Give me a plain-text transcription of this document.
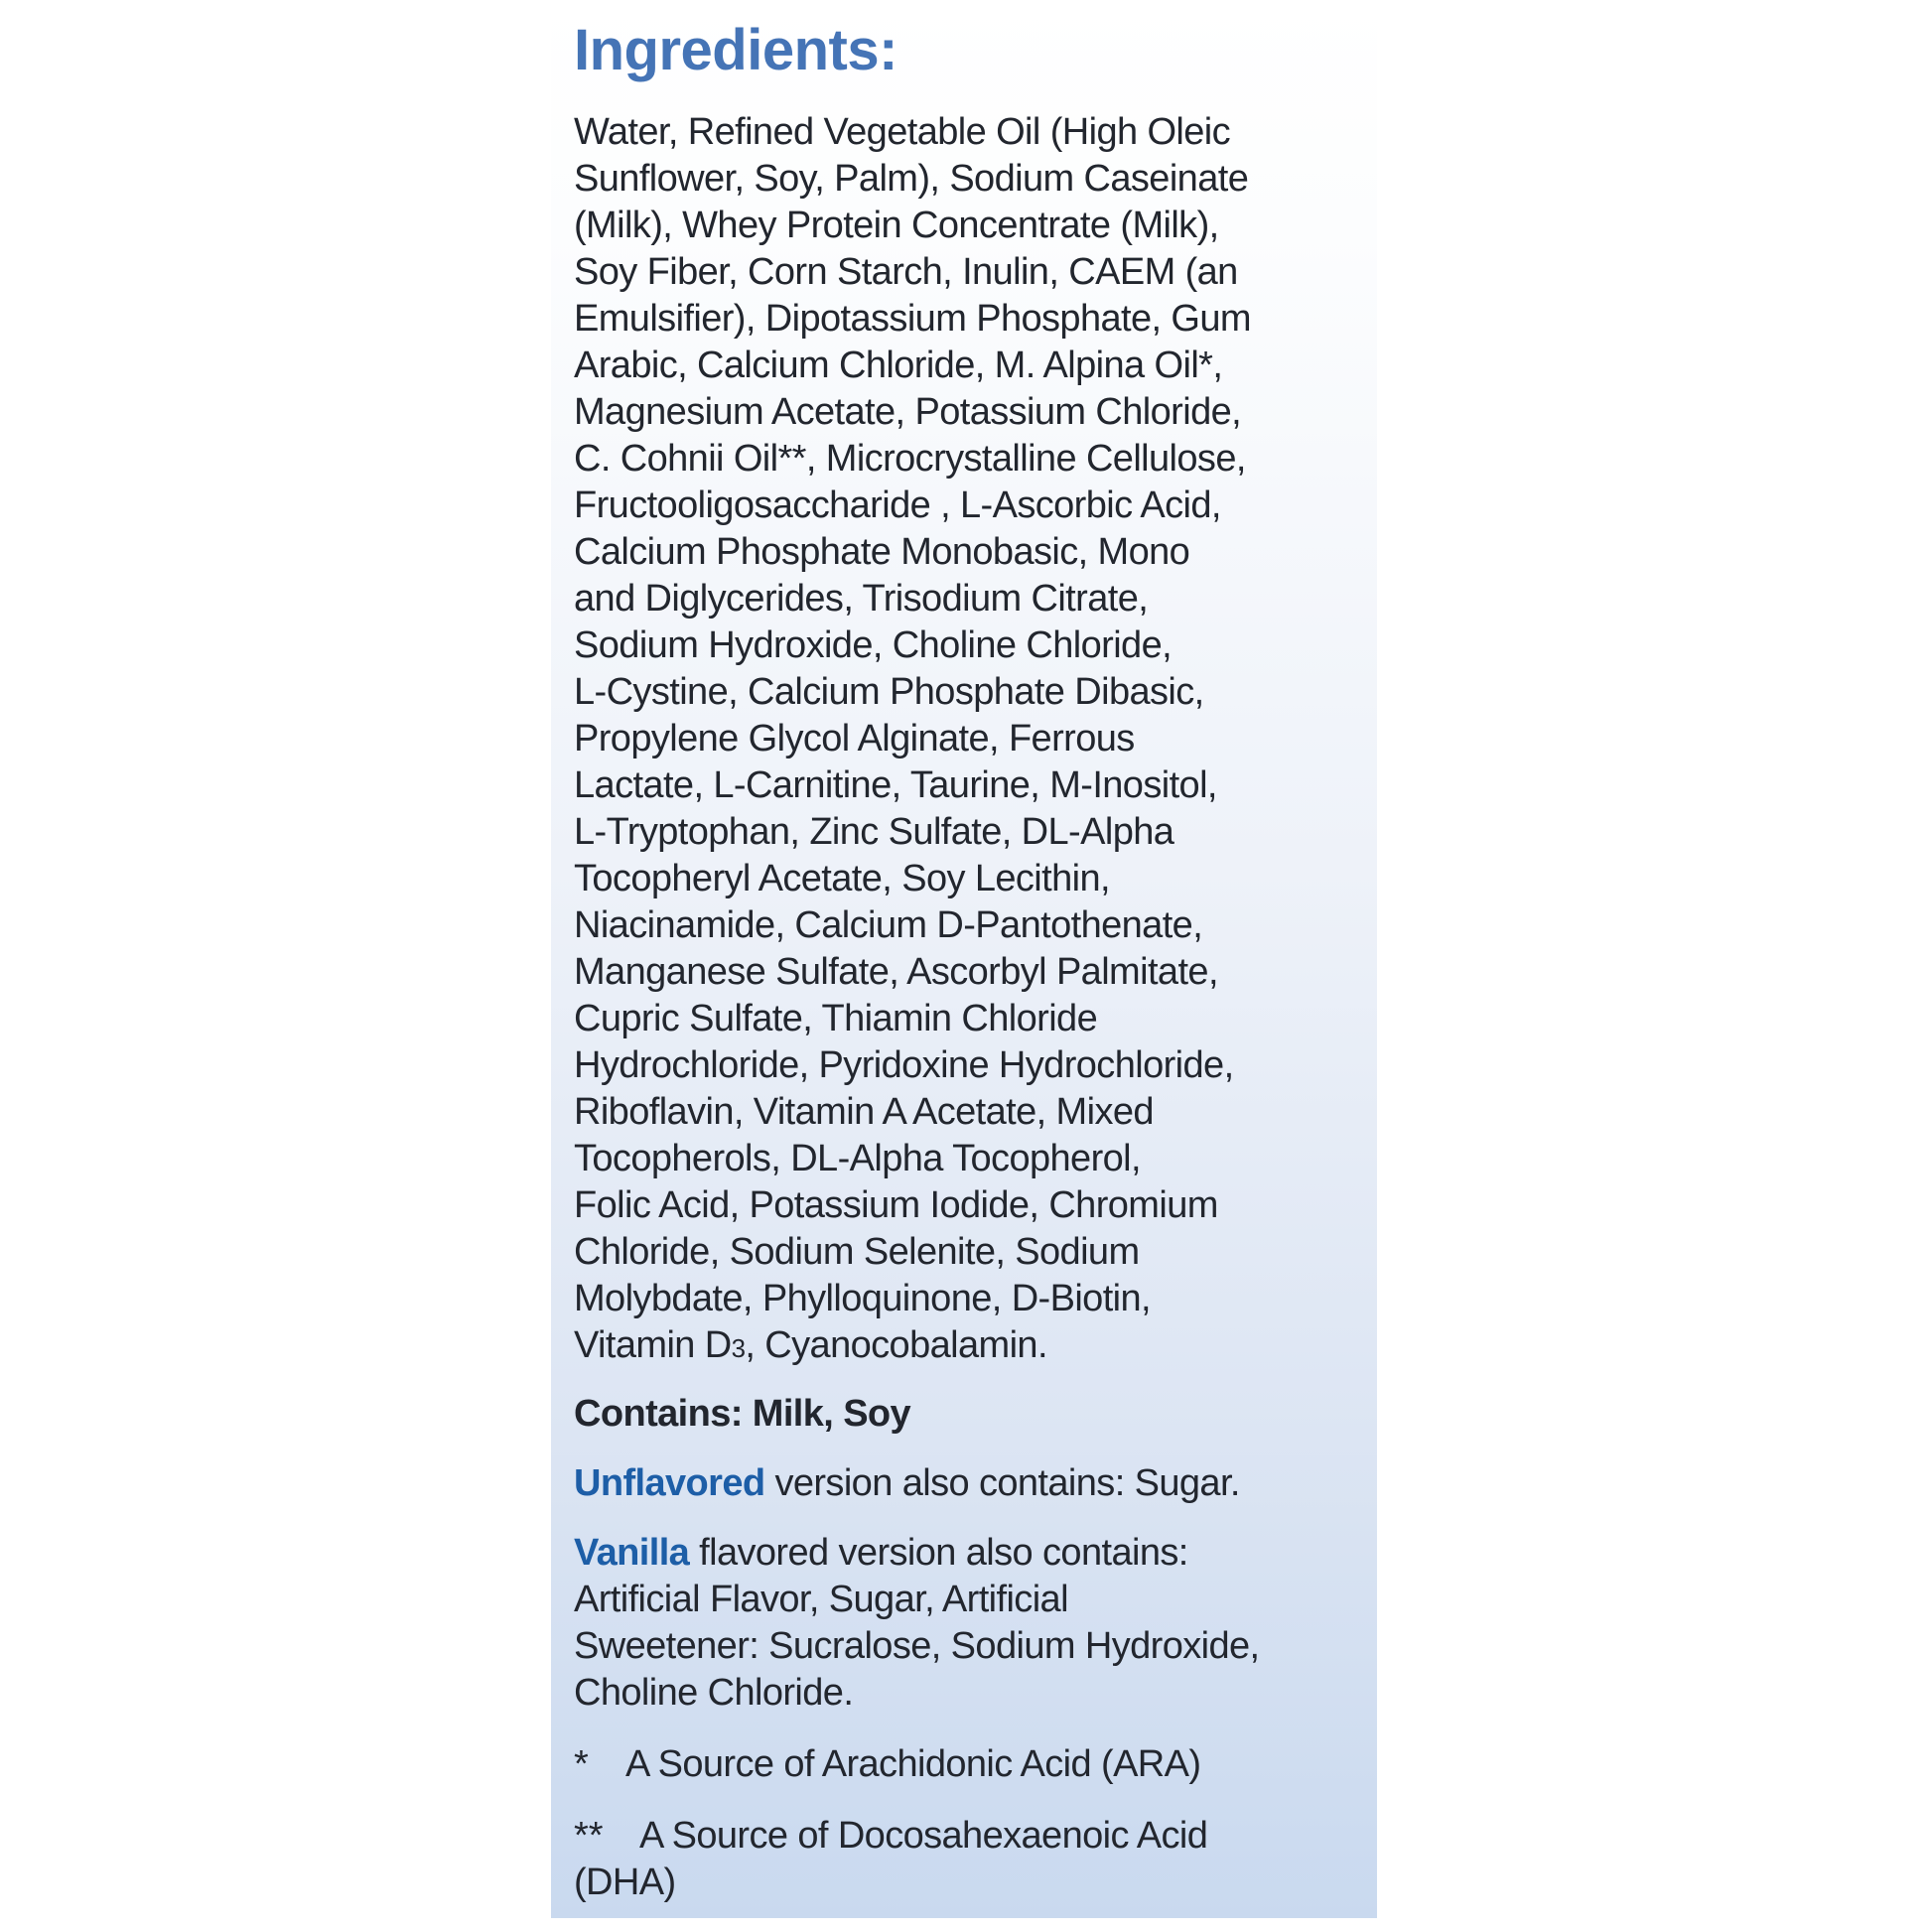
Ingredients:
Water, Refined Vegetable Oil (High Oleic
Sunflower, Soy, Palm), Sodium Caseinate
(Milk), Whey Protein Concentrate (Milk),
Soy Fiber, Corn Starch, Inulin, CAEM (an
Emulsifier), Dipotassium Phosphate, Gum
Arabic, Calcium Chloride, M. Alpina Oil*,
Magnesium Acetate, Potassium Chloride,
C. Cohnii Oil**, Microcrystalline Cellulose,
Fructooligosaccharide , L-Ascorbic Acid,
Calcium Phosphate Monobasic, Mono
and Diglycerides, Trisodium Citrate,
Sodium Hydroxide, Choline Chloride,
L-Cystine, Calcium Phosphate Dibasic,
Propylene Glycol Alginate, Ferrous
Lactate, L-Carnitine, Taurine, M-Inositol,
L-Tryptophan, Zinc Sulfate, DL-Alpha
Tocopheryl Acetate, Soy Lecithin,
Niacinamide, Calcium D-Pantothenate,
Manganese Sulfate, Ascorbyl Palmitate,
Cupric Sulfate, Thiamin Chloride
Hydrochloride, Pyridoxine Hydrochloride,
Riboflavin, Vitamin A Acetate, Mixed
Tocopherols, DL-Alpha Tocopherol,
Folic Acid, Potassium Iodide, Chromium
Chloride, Sodium Selenite, Sodium
Molybdate, Phylloquinone, D-Biotin,
Vitamin D3, Cyanocobalamin.
Contains: Milk, Soy
Unflavored version also contains: Sugar.
Vanilla flavored version also contains:
Artificial Flavor, Sugar, Artificial
Sweetener: Sucralose, Sodium Hydroxide,
Choline Chloride.
* A Source of Arachidonic Acid (ARA)
** A Source of Docosahexaenoic Acid
(DHA)
